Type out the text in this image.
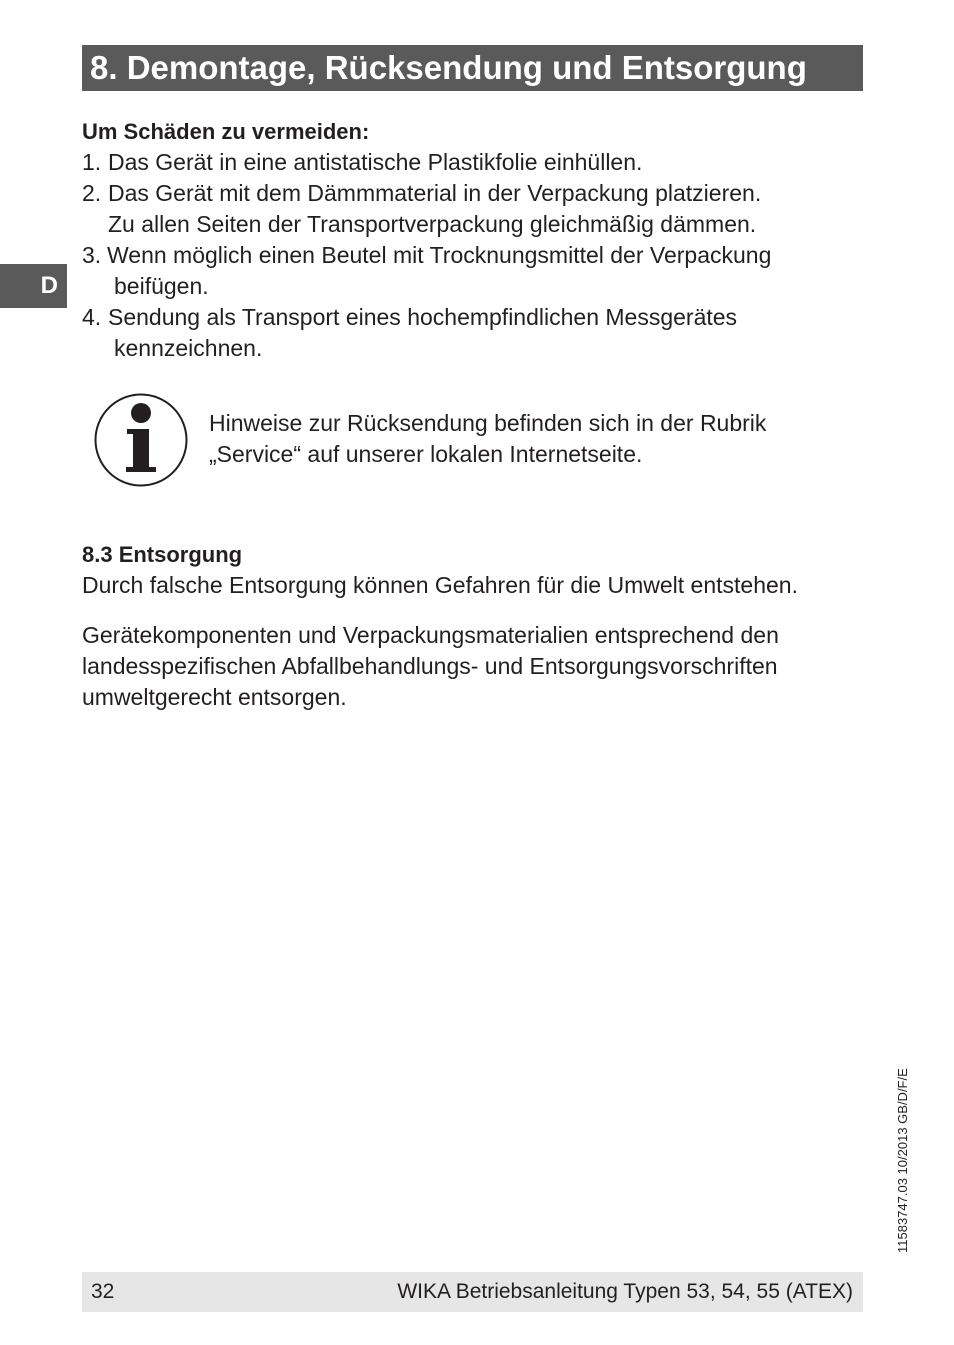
8. Demontage, Rücksendung und Entsorgung
D
Um Schäden zu vermeiden:
1. Das Gerät in eine antistatische Plastikfolie einhüllen.
2. Das Gerät mit dem Dämmmaterial in der Verpackung platzieren.
Zu allen Seiten der Transportverpackung gleichmäßig dämmen.
3. Wenn möglich einen Beutel mit Trocknungsmittel der Verpackung
beifügen.
4. Sendung als Transport eines hochempfindlichen Messgerätes
kennzeichnen.
Hinweise zur Rücksendung befinden sich in der Rubrik
„Service“ auf unserer lokalen Internetseite.
8.3 Entsorgung

Durch falsche Entsorgung können Gefahren für die Umwelt entstehen.

Gerätekomponenten und Verpackungsmaterialien entsprechend den
landesspezifischen Abfallbehandlungs- und Entsorgungsvorschriften
umweltgerecht entsorgen.
11583747.03 10/2013 GB/D/F/E
32	WIKA Betriebsanleitung Typen 53, 54, 55 (ATEX)
